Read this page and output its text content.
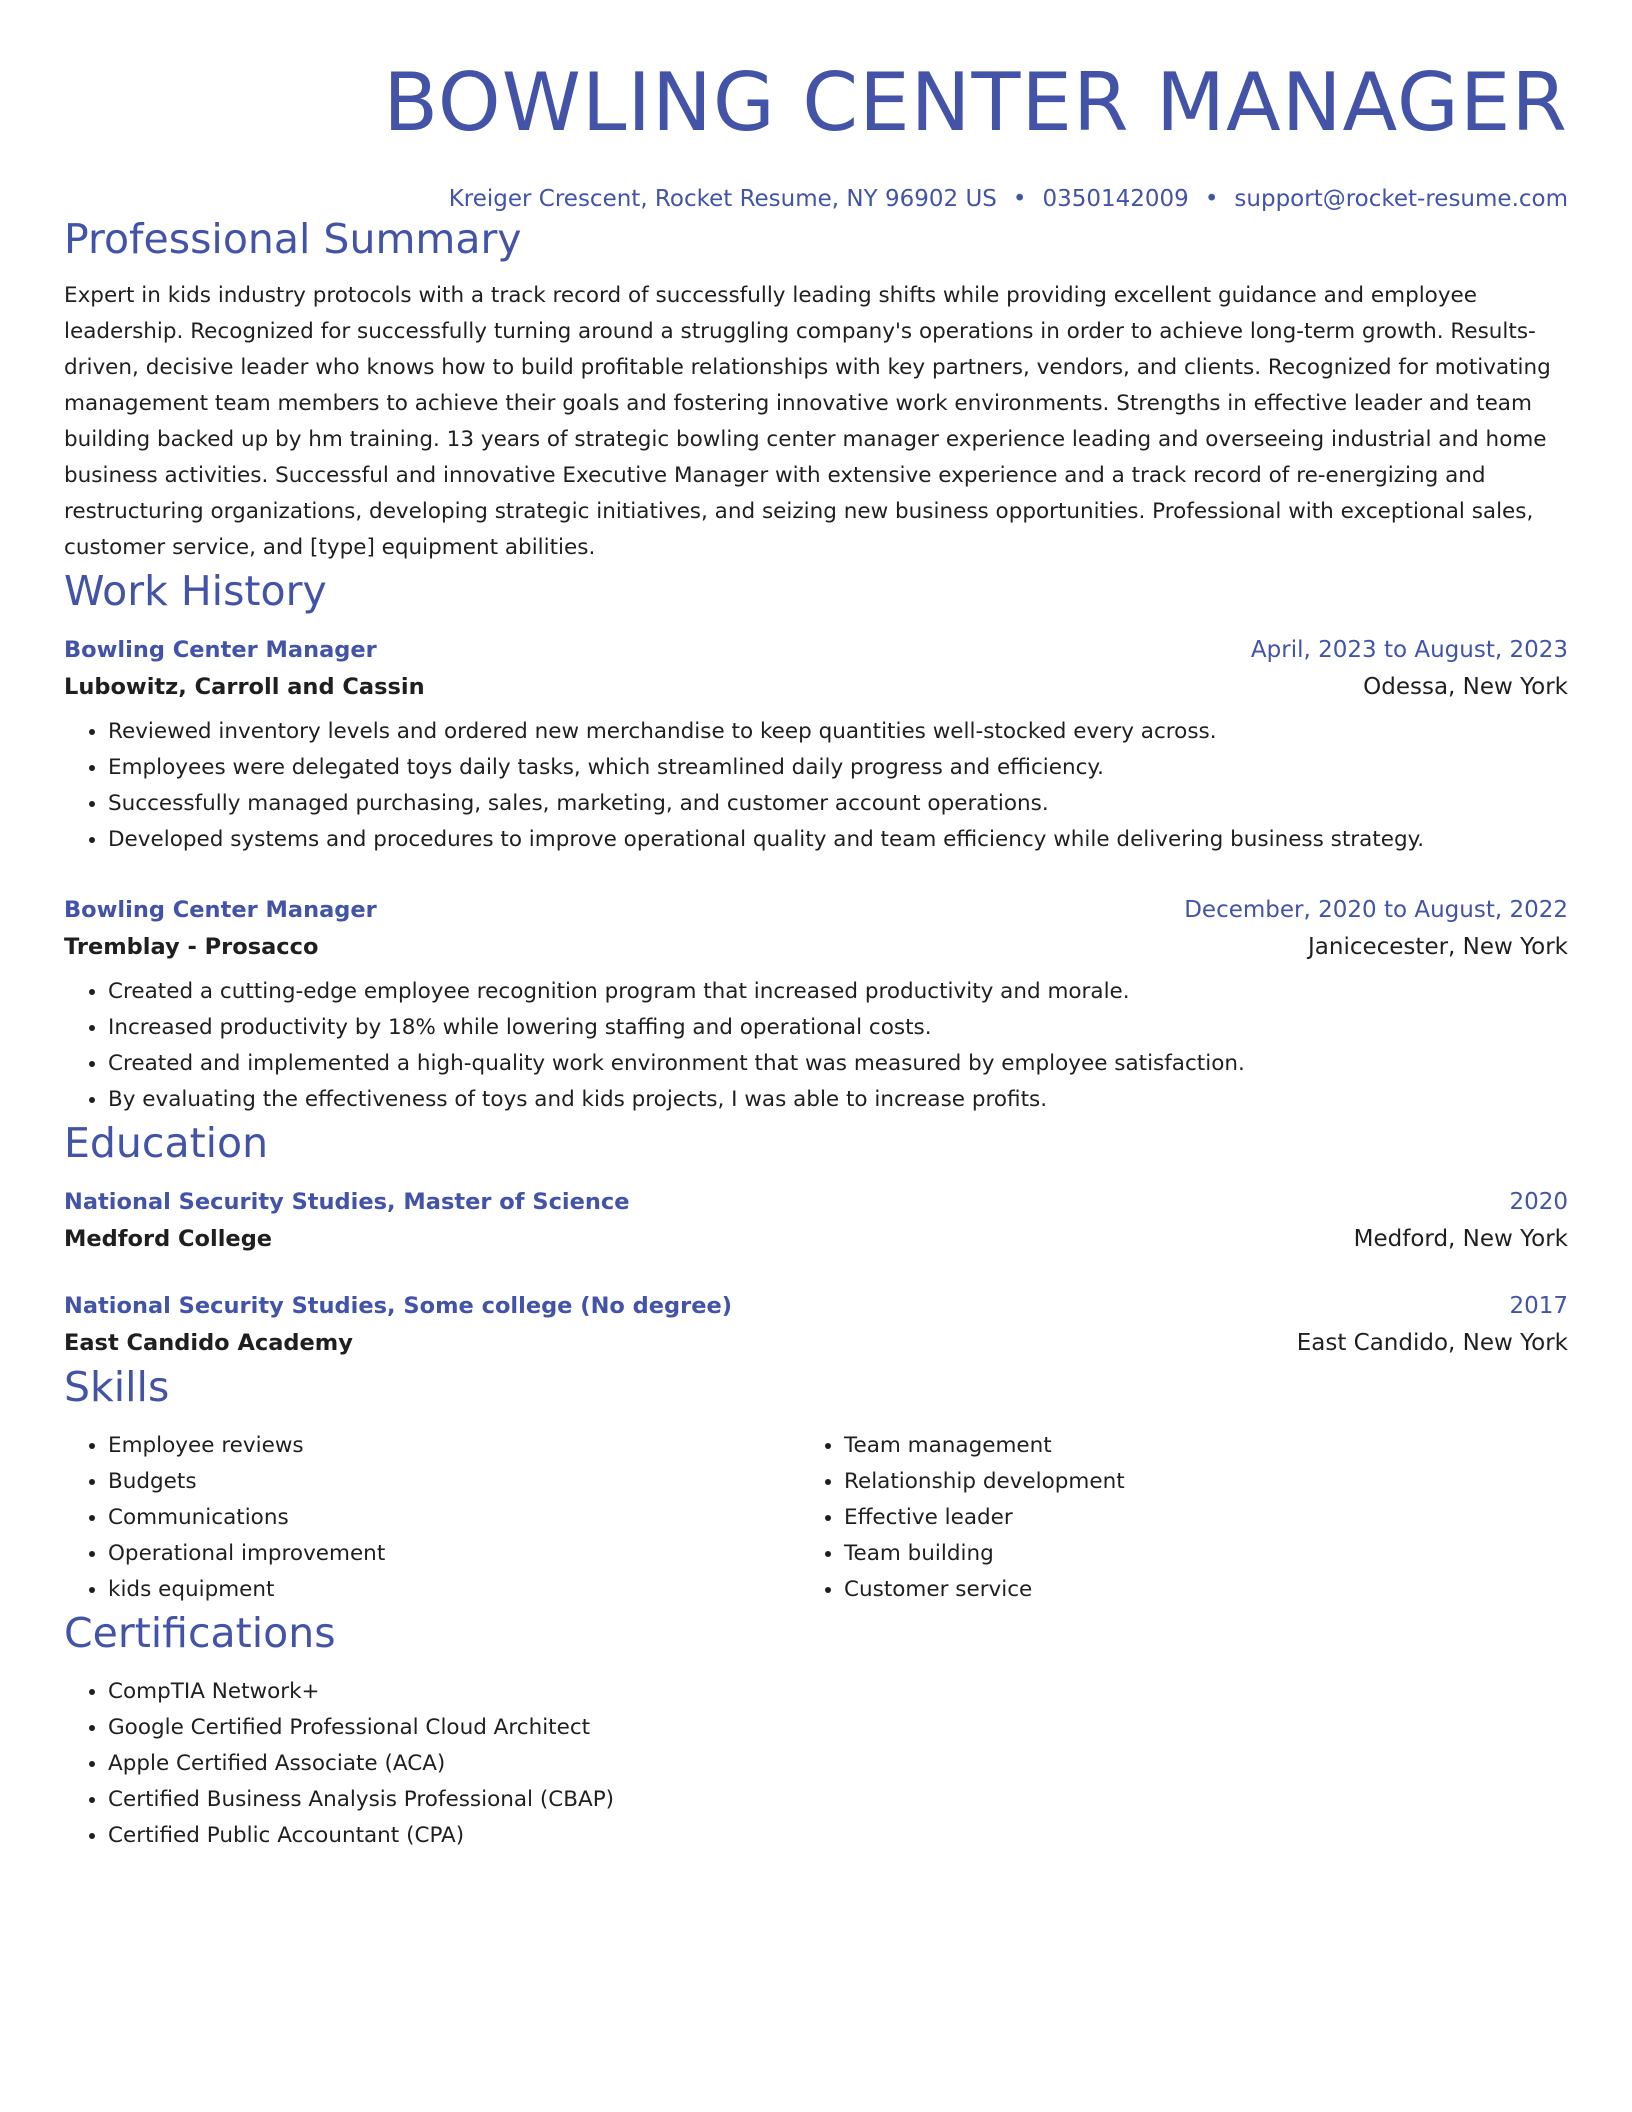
BOWLING CENTER MANAGER
Kreiger Crescent, Rocket Resume, NY 96902 US • 0350142009 • support@rocket-resume.com
Professional Summary
Expert in kids industry protocols with a track record of successfully leading shifts while providing excellent guidance and employee leadership. Recognized for successfully turning around a struggling company's operations in order to achieve long-term growth. Results-driven, decisive leader who knows how to build profitable relationships with key partners, vendors, and clients. Recognized for motivating management team members to achieve their goals and fostering innovative work environments. Strengths in effective leader and team building backed up by hm training. 13 years of strategic bowling center manager experience leading and overseeing industrial and home business activities. Successful and innovative Executive Manager with extensive experience and a track record of re-energizing and restructuring organizations, developing strategic initiatives, and seizing new business opportunities. Professional with exceptional sales, customer service, and [type] equipment abilities.
Work History
Bowling Center Manager	April, 2023 to August, 2023
Lubowitz, Carroll and Cassin	Odessa, New York
• Reviewed inventory levels and ordered new merchandise to keep quantities well-stocked every across.
• Employees were delegated toys daily tasks, which streamlined daily progress and efficiency.
• Successfully managed purchasing, sales, marketing, and customer account operations.
• Developed systems and procedures to improve operational quality and team efficiency while delivering business strategy.
Bowling Center Manager	December, 2020 to August, 2022
Tremblay - Prosacco	Janicecester, New York
• Created a cutting-edge employee recognition program that increased productivity and morale.
• Increased productivity by 18% while lowering staffing and operational costs.
• Created and implemented a high-quality work environment that was measured by employee satisfaction.
• By evaluating the effectiveness of toys and kids projects, I was able to increase profits.
Education
National Security Studies, Master of Science	2020
Medford College	Medford, New York
National Security Studies, Some college (No degree)	2017
East Candido Academy	East Candido, New York
Skills
• Employee reviews
• Budgets
• Communications
• Operational improvement
• kids equipment
• Team management
• Relationship development
• Effective leader
• Team building
• Customer service
Certifications
• CompTIA Network+
• Google Certified Professional Cloud Architect
• Apple Certified Associate (ACA)
• Certified Business Analysis Professional (CBAP)
• Certified Public Accountant (CPA)
